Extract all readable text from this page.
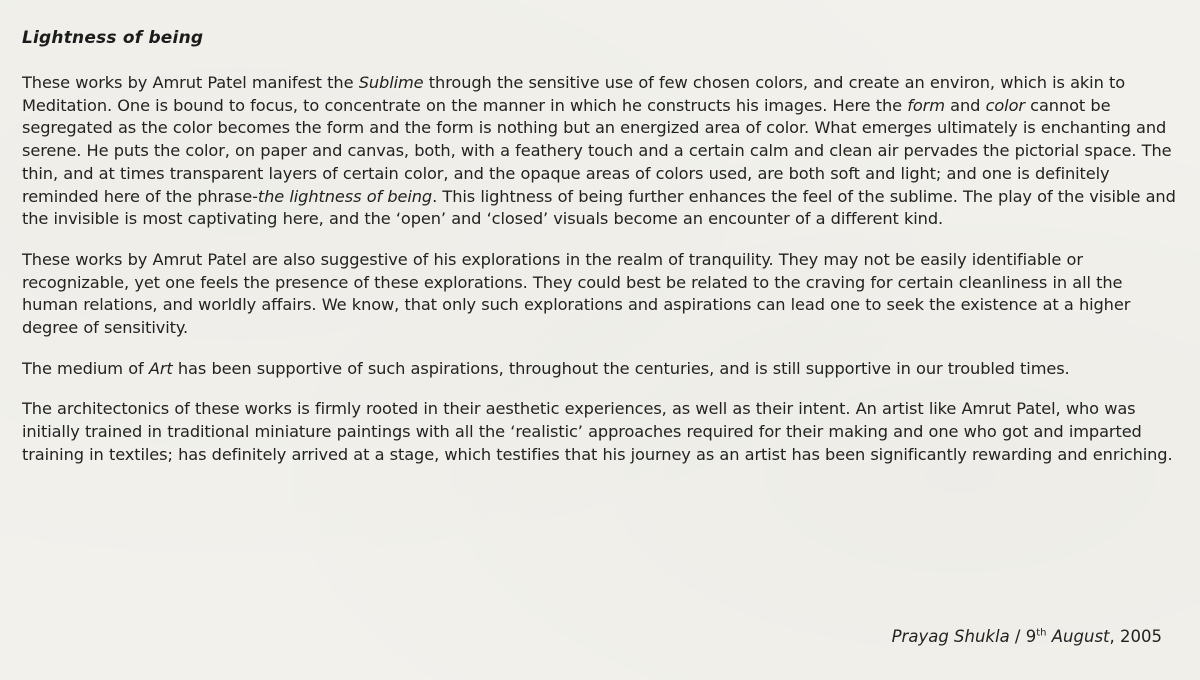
Lightness of being
These works by Amrut Patel manifest the Sublime through the sensitive use of few chosen colors, and create an environ, which is akin to Meditation. One is bound to focus, to concentrate on the manner in which he constructs his images. Here the form and color cannot be segregated as the color becomes the form and the form is nothing but an energized area of color. What emerges ultimately is enchanting and serene. He puts the color, on paper and canvas, both, with a feathery touch and a certain calm and clean air pervades the pictorial space. The thin, and at times transparent layers of certain color, and the opaque areas of colors used, are both soft and light; and one is definitely reminded here of the phrase-the lightness of being. This lightness of being further enhances the feel of the sublime. The play of the visible and the invisible is most captivating here, and the ‘open’ and ‘closed’ visuals become an encounter of a different kind.
These works by Amrut Patel are also suggestive of his explorations in the realm of tranquility. They may not be easily identifiable or recognizable, yet one feels the presence of these explorations. They could best be related to the craving for certain cleanliness in all the human relations, and worldly affairs. We know, that only such explorations and aspirations can lead one to seek the existence at a higher degree of sensitivity.
The medium of Art has been supportive of such aspirations, throughout the centuries, and is still supportive in our troubled times.
The architectonics of these works is firmly rooted in their aesthetic experiences, as well as their intent. An artist like Amrut Patel, who was initially trained in traditional miniature paintings with all the ‘realistic’ approaches required for their making and one who got and imparted training in textiles; has definitely arrived at a stage, which testifies that his journey as an artist has been significantly rewarding and enriching.
Prayag Shukla / 9th August, 2005
